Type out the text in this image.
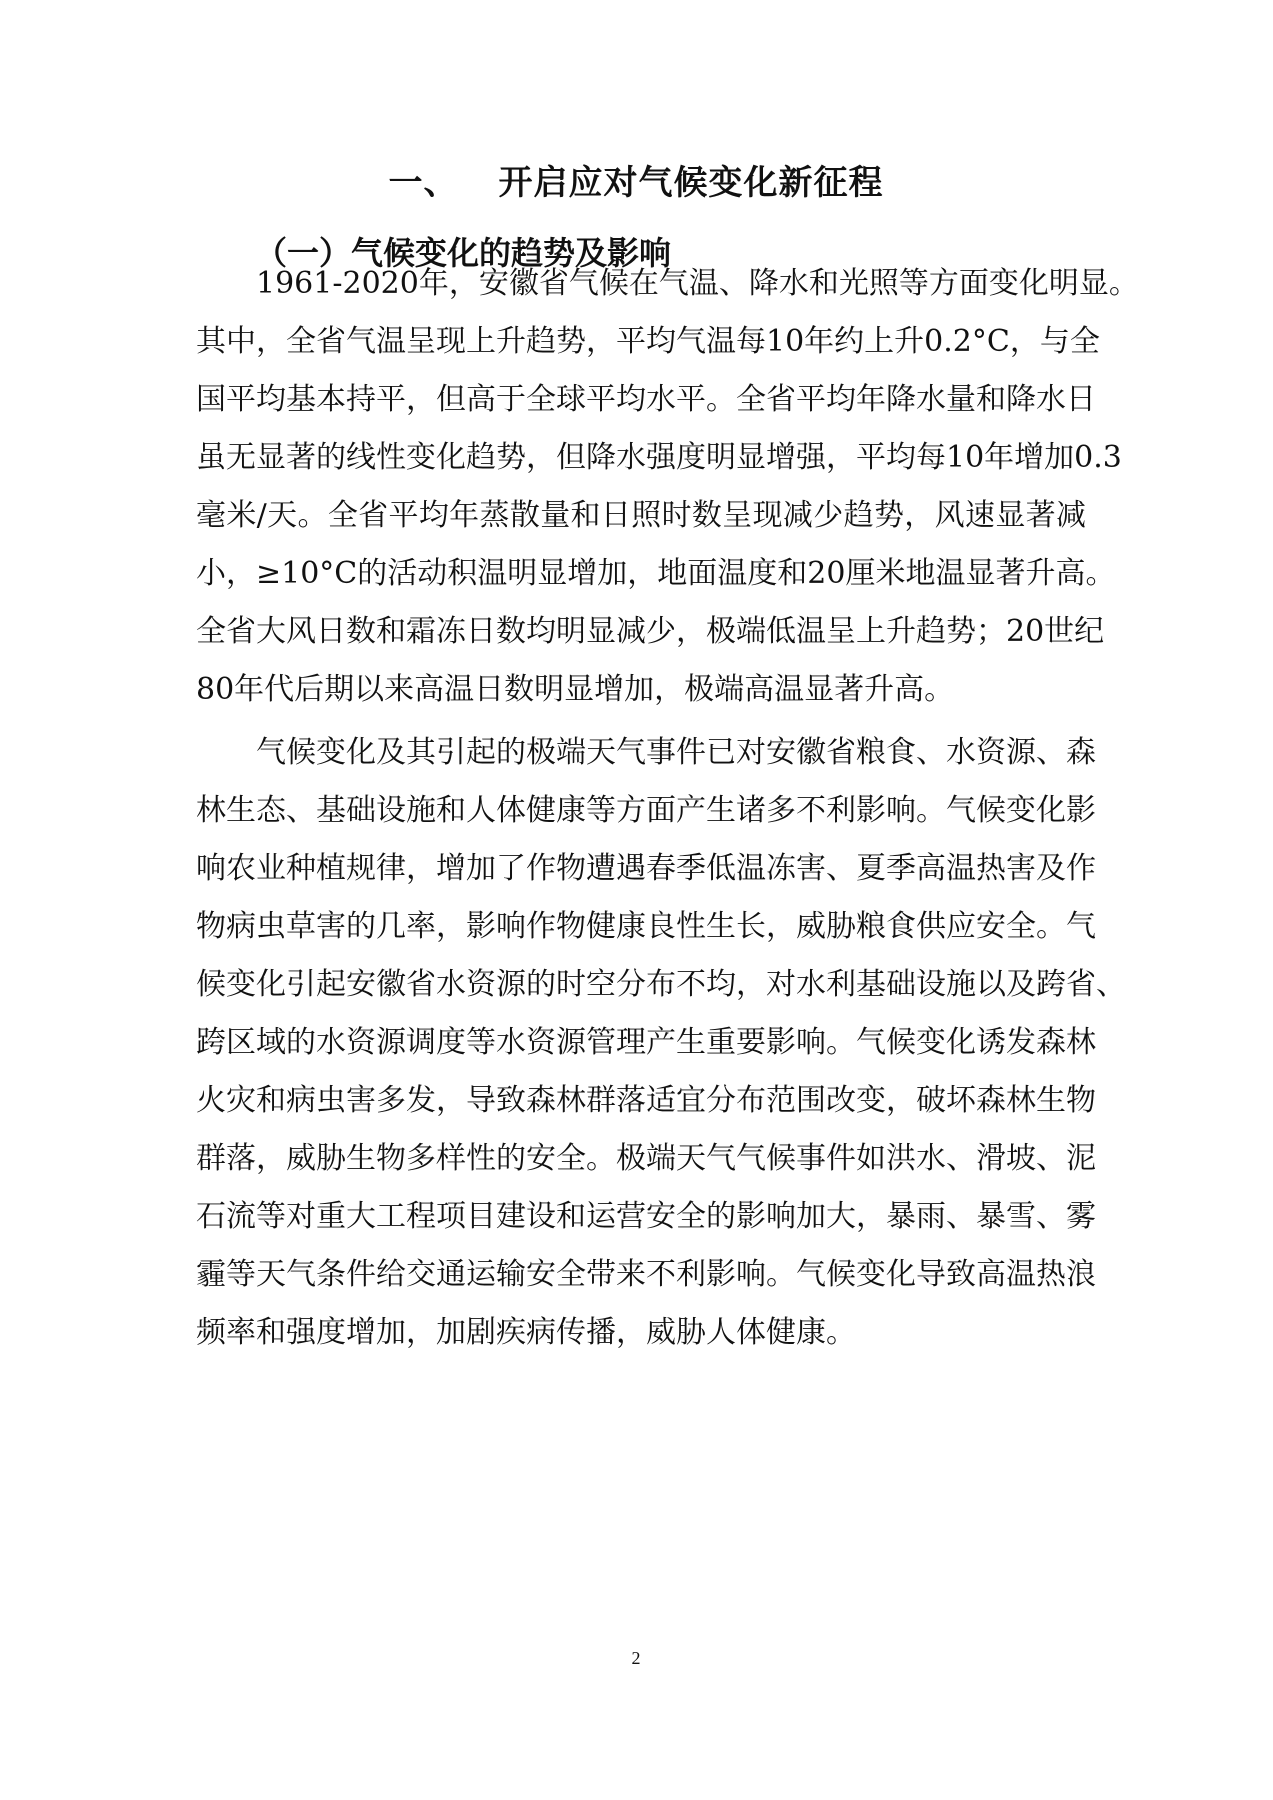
一、 开启应对气候变化新征程
（一）气候变化的趋势及影响
1961-2020年，安徽省气候在气温、降水和光照等方面变化明显。
其中，全省气温呈现上升趋势，平均气温每10年约上升0.2°C，与全
国平均基本持平，但高于全球平均水平。全省平均年降水量和降水日
虽无显著的线性变化趋势，但降水强度明显增强，平均每10年增加0.3
毫米/天。全省平均年蒸散量和日照时数呈现减少趋势，风速显著减
小，≥10°C的活动积温明显增加，地面温度和20厘米地温显著升高。
全省大风日数和霜冻日数均明显减少，极端低温呈上升趋势；20世纪
80年代后期以来高温日数明显增加，极端高温显著升高。
气候变化及其引起的极端天气事件已对安徽省粮食、水资源、森
林生态、基础设施和人体健康等方面产生诸多不利影响。气候变化影
响农业种植规律，增加了作物遭遇春季低温冻害、夏季高温热害及作
物病虫草害的几率，影响作物健康良性生长，威胁粮食供应安全。气
候变化引起安徽省水资源的时空分布不均，对水利基础设施以及跨省、
跨区域的水资源调度等水资源管理产生重要影响。气候变化诱发森林
火灾和病虫害多发，导致森林群落适宜分布范围改变，破坏森林生物
群落，威胁生物多样性的安全。极端天气气候事件如洪水、滑坡、泥
石流等对重大工程项目建设和运营安全的影响加大，暴雨、暴雪、雾
霾等天气条件给交通运输安全带来不利影响。气候变化导致高温热浪
频率和强度增加，加剧疾病传播，威胁人体健康。
2
